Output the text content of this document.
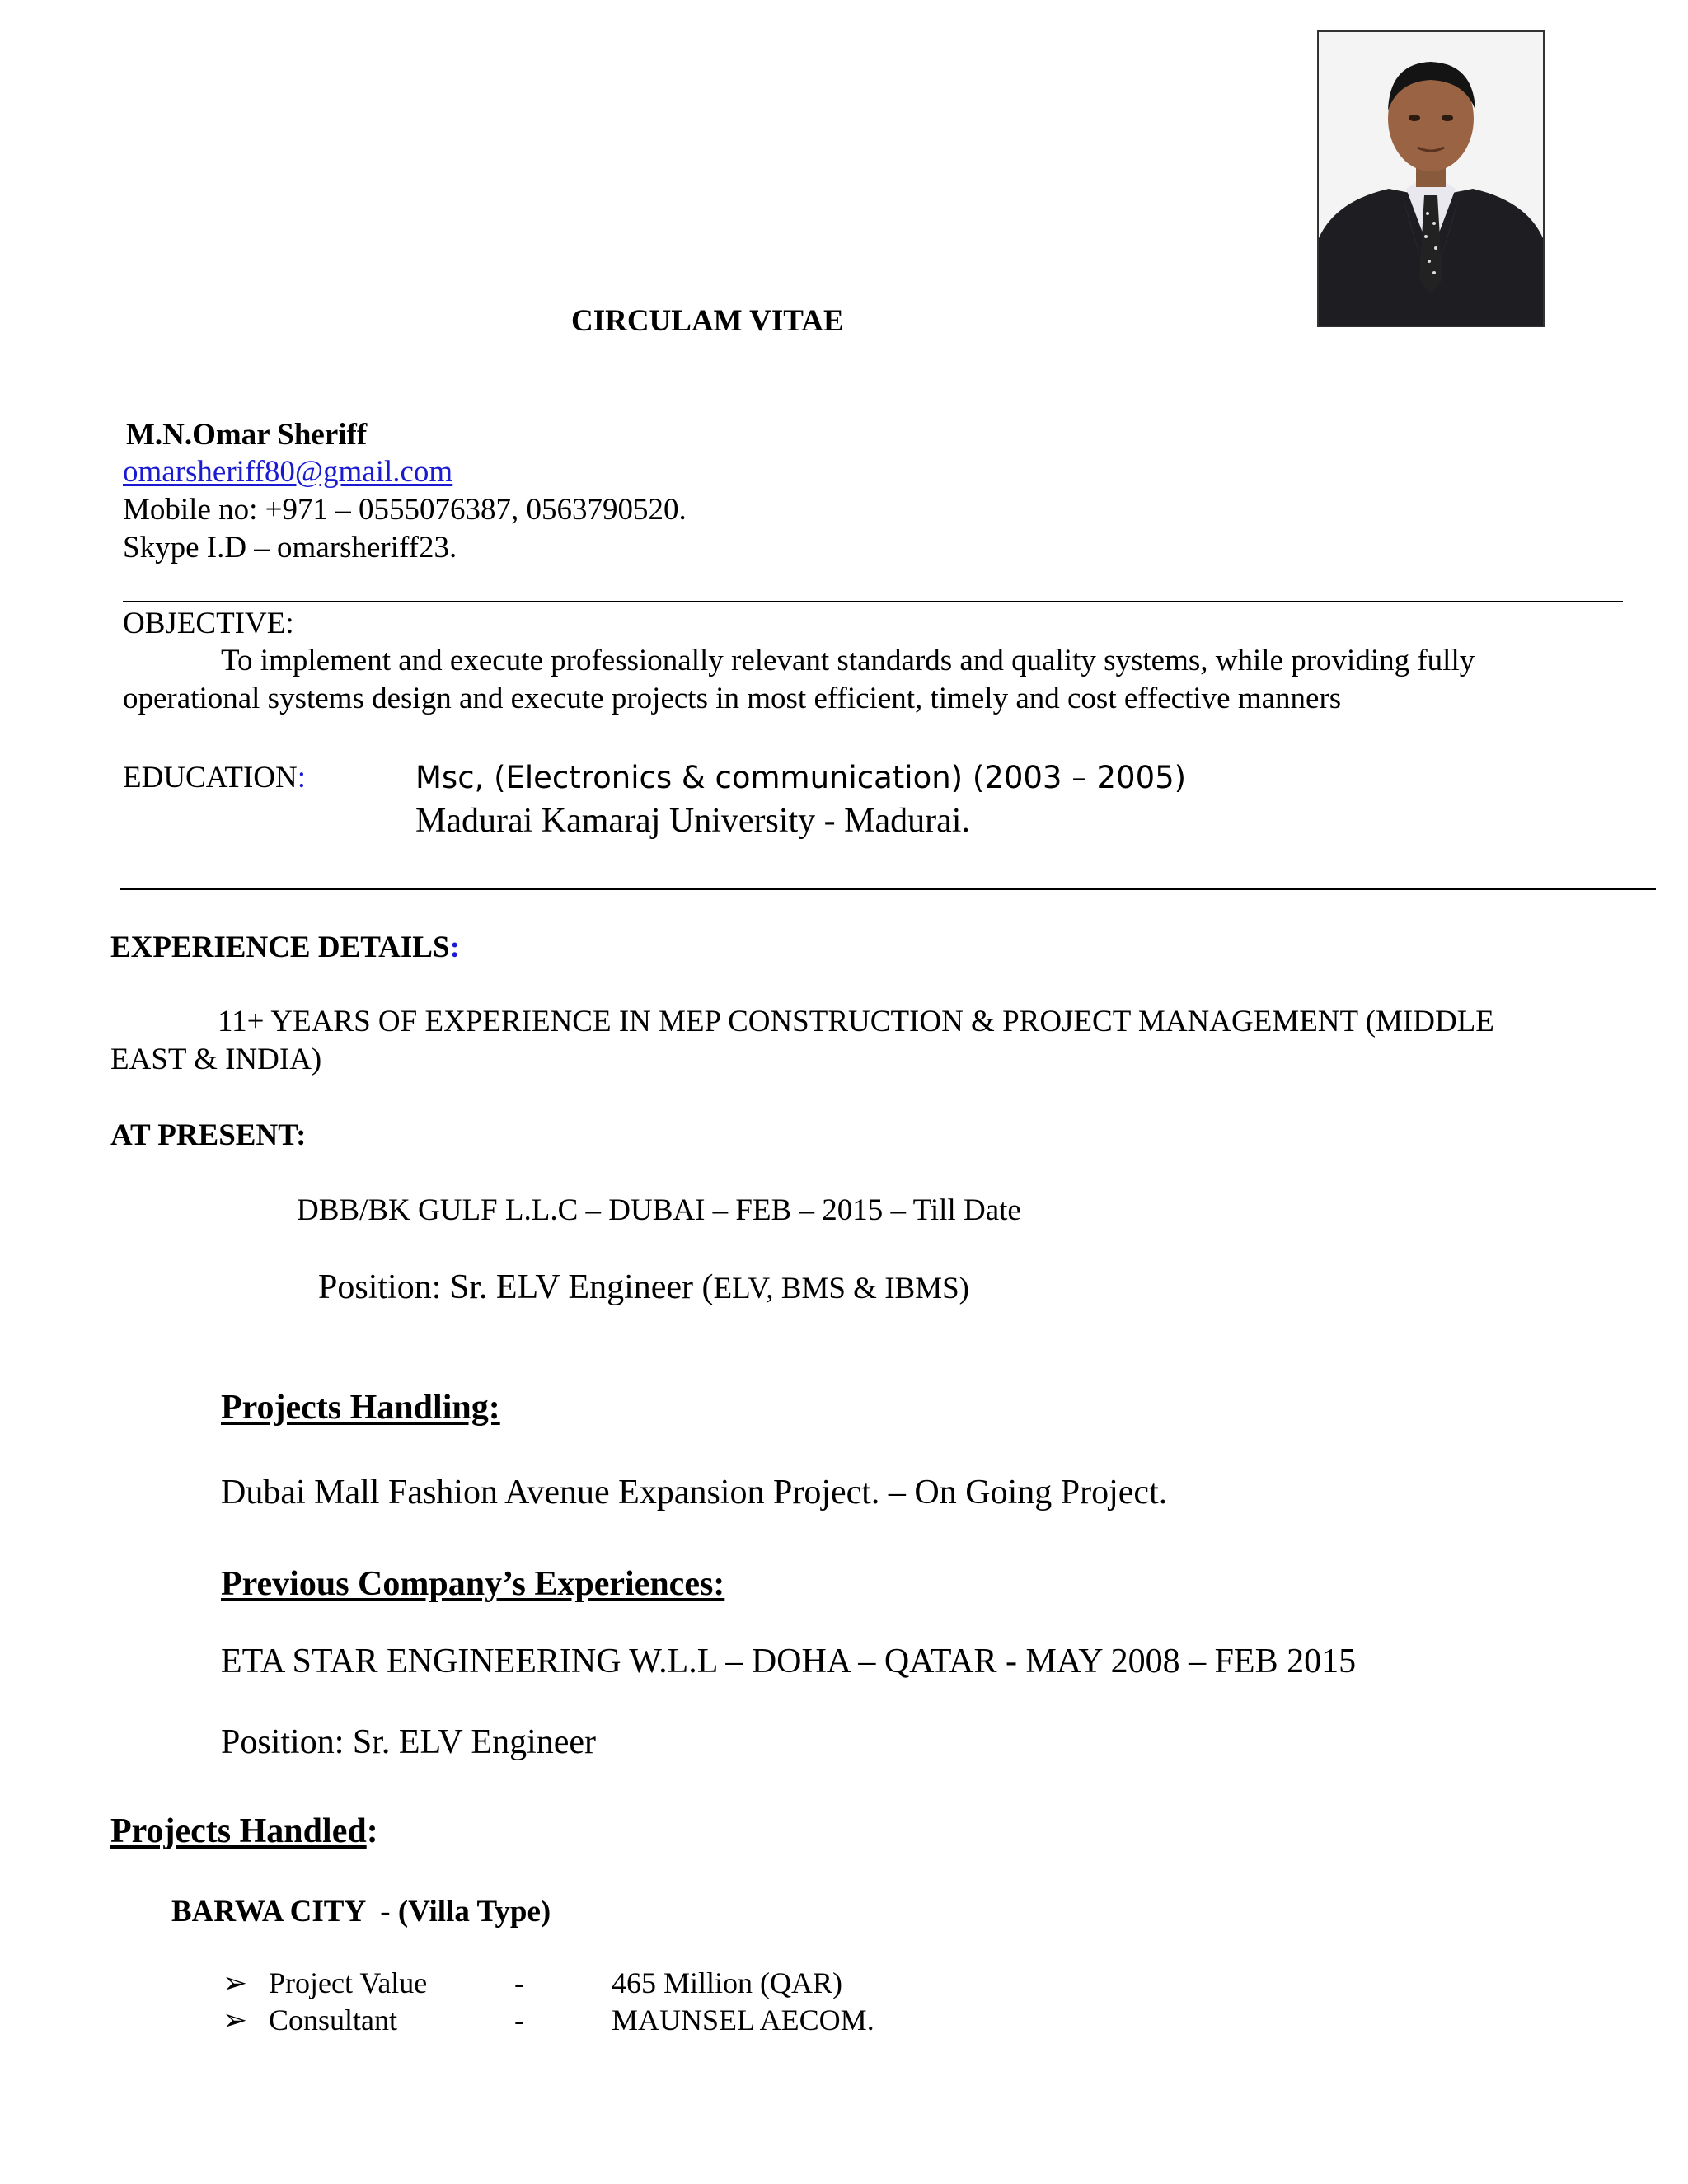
CIRCULAM VITAE
M.N.Omar Sheriff
omarsheriff80@gmail.com
Mobile no: +971 – 0555076387, 0563790520.
Skype I.D – omarsheriff23.
OBJECTIVE:
To implement and execute professionally relevant standards and quality systems, while providing fully
operational systems design and execute projects in most efficient, timely and cost effective manners
EDUCATION:	Msc, (Electronics & communication) (2003 – 2005)
Madurai Kamaraj University - Madurai.
EXPERIENCE DETAILS:
11+ YEARS OF EXPERIENCE IN MEP CONSTRUCTION & PROJECT MANAGEMENT (MIDDLE
EAST & INDIA)
AT PRESENT:
DBB/BK GULF L.L.C – DUBAI – FEB – 2015 – Till Date
Position: Sr. ELV Engineer (ELV, BMS & IBMS)
Projects Handling:
Dubai Mall Fashion Avenue Expansion Project. – On Going Project.
Previous Company’s Experiences:
ETA STAR ENGINEERING W.L.L – DOHA – QATAR - MAY 2008 – FEB 2015
Position: Sr. ELV Engineer
Projects Handled:
BARWA CITY  - (Villa Type)
➢ Project Value	-	465 Million (QAR)
➢ Consultant	-	MAUNSEL AECOM.
